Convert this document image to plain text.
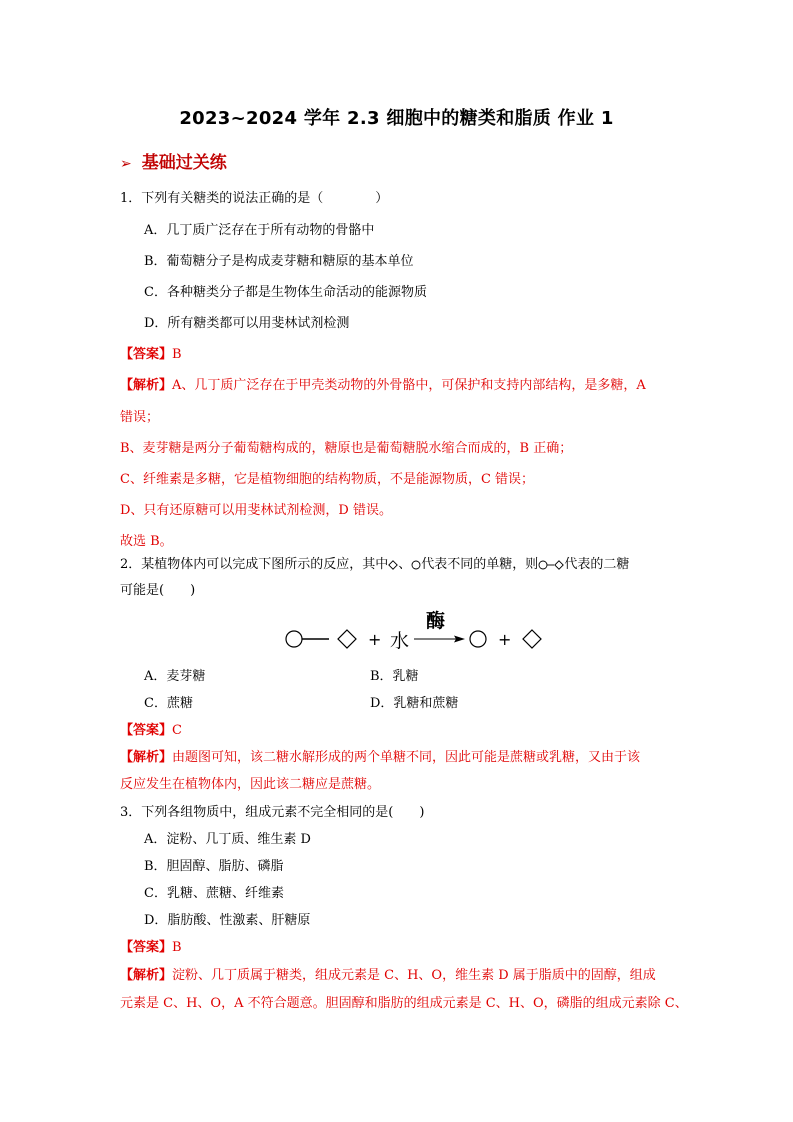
2023~2024 学年 2.3 细胞中的糖类和脂质 作业 1
➢ 基础过关练
1．下列有关糖类的说法正确的是（　　　　）
A．几丁质广泛存在于所有动物的骨骼中
B．葡萄糖分子是构成麦芽糖和糖原的基本单位
C．各种糖类分子都是生物体生命活动的能源物质
D．所有糖类都可以用斐林试剂检测
【答案】B
【解析】A、几丁质广泛存在于甲壳类动物的外骨骼中，可保护和支持内部结构，是多糖，A
错误；
B、麦芽糖是两分子葡萄糖构成的，糖原也是葡萄糖脱水缩合而成的，B 正确；
C、纤维素是多糖，它是植物细胞的结构物质，不是能源物质，C 错误；
D、只有还原糖可以用斐林试剂检测，D 错误。
故选 B。
2．某植物体内可以完成下图所示的反应，其中 、 代表不同的单糖，则 代表的二糖
可能是(　　)
+ 水
酶
+
A．麦芽糖	B．乳糖
C．蔗糖	D．乳糖和蔗糖
【答案】C
【解析】由题图可知，该二糖水解形成的两个单糖不同，因此可能是蔗糖或乳糖，又由于该
反应发生在植物体内，因此该二糖应是蔗糖。
3．下列各组物质中，组成元素不完全相同的是(　　)
A．淀粉、几丁质、维生素 D
B．胆固醇、脂肪、磷脂
C．乳糖、蔗糖、纤维素
D．脂肪酸、性激素、肝糖原
【答案】B
【解析】淀粉、几丁质属于糖类，组成元素是 C、H、O，维生素 D 属于脂质中的固醇，组成
元素是 C、H、O，A 不符合题意。胆固醇和脂肪的组成元素是 C、H、O，磷脂的组成元素除 C、
